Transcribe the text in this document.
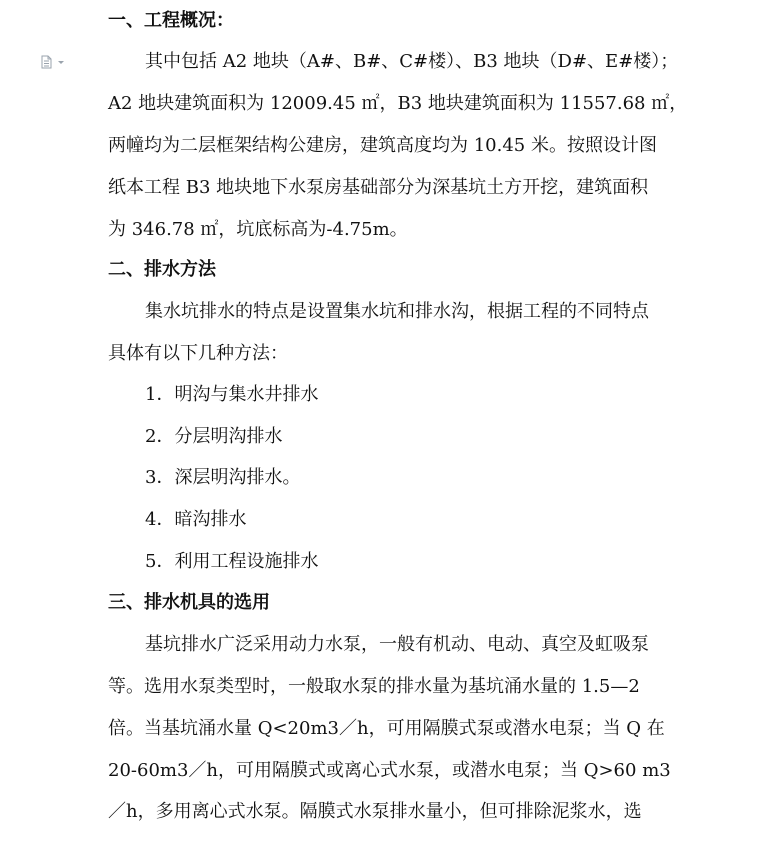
一、工程概况：
其中包括 A2 地块（A#、B#、C#楼）、B3 地块（D#、E#楼）；
A2 地块建筑面积为 12009.45 ㎡，B3 地块建筑面积为 11557.68 ㎡，
两幢均为二层框架结构公建房，建筑高度均为 10.45 米。按照设计图
纸本工程 B3 地块地下水泵房基础部分为深基坑土方开挖，建筑面积
为 346.78 ㎡，坑底标高为-4.75m。
二、排水方法
集水坑排水的特点是设置集水坑和排水沟，根据工程的不同特点
具体有以下几种方法：
1．明沟与集水井排水
2．分层明沟排水
3．深层明沟排水。
4．暗沟排水
5．利用工程设施排水
三、排水机具的选用
基坑排水广泛采用动力水泵，一般有机动、电动、真空及虹吸泵
等。选用水泵类型时，一般取水泵的排水量为基坑涌水量的 1.5—2
倍。当基坑涌水量 Q<20m3／h，可用隔膜式泵或潜水电泵；当 Q 在
20-60m3／h，可用隔膜式或离心式水泵，或潜水电泵；当 Q>60 m3
／h，多用离心式水泵。隔膜式水泵排水量小，但可排除泥浆水，选
